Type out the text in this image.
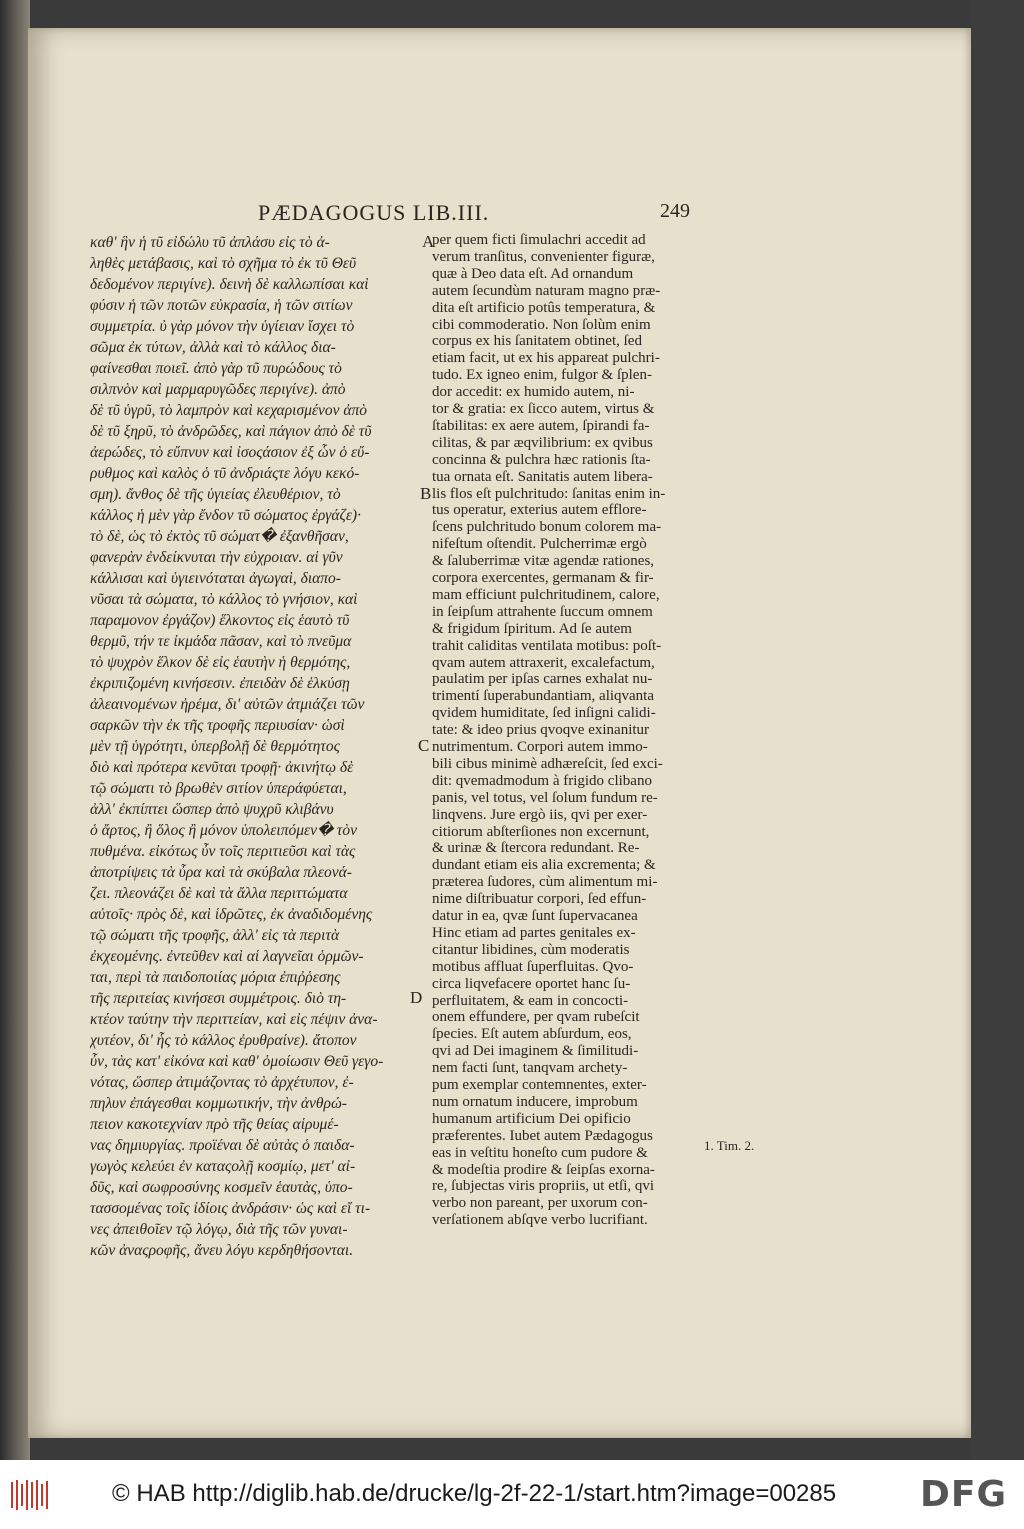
PÆDAGOGUS LIB.III.	249
καθ' ἣν ἡ τῦ εἰδώλυ τῦ ἀπλάσυ εἰς τὸ ἀ-
ληθὲς μετάβασις, καὶ τὸ σχῆμα τὸ ἐκ τῦ Θεῦ
δεδομένον περιγίνε). δεινὴ δὲ καλλωπίσαι καὶ
φύσιν ἡ τῶν ποτῶν εὐκρασία, ἡ τῶν σιτίων
συμμετρία. ὐ γὰρ μόνον τὴν ὑγίειαν ἴσχει τὸ
σῶμα ἐκ τύτων, ἀλλὰ καὶ τὸ κάλλος δια-
φαίνεσθαι ποιεῖ. ἀπὸ γὰρ τῦ πυρώδους τὸ
σιλπνὸν καὶ μαρμαρυγῶδες περιγίνε). ἀπὸ
δὲ τῦ ὑγρῦ, τὸ λαμπρὸν καὶ κεχαρισμένον ἀπὸ
δὲ τῦ ξηρῦ, τὸ ἀνδρῶδες, καὶ πάγιον ἀπὸ δὲ τῦ
ἀερώδες, τὸ εὔπνυν καὶ ἰσοςάσιον ἐξ ὧν ὁ εὔ-
ρυθμος καὶ καλὸς ὁ τῦ ἀνδριάςτε λόγυ κεκό-
σμη). ἄνθος δὲ τῆς ὑγιείας ἐλευθέριον, τὸ
κάλλος ἡ μὲν γὰρ ἔνδον τῦ σώματος ἐργάζε)·
τὸ δὲ, ὡς τὸ ἐκτὸς τῦ σώματ� ἐξανθῆσαν,
φανερὰν ἐνδείκνυται τὴν εὐχροιαν. αἱ γῦν
κάλλισαι καὶ ὑγιεινόταται ἀγωγαὶ, διαπο-
νῦσαι τὰ σώματα, τὸ κάλλος τὸ γνήσιον, καὶ
παραμονον ἐργάζον) ἕλκοντος εἰς ἑαυτὸ τῦ
θερμῦ, τήν τε ἰκμάδα πᾶσαν, καὶ τὸ πνεῦμα
τὸ ψυχρὸν ἕλκον δὲ εἰς ἑαυτὴν ἡ θερμότης,
ἐκριπιζομένη κινήσεσιν. ἐπειδὰν δὲ ἑλκύσῃ
ἀλεαινομένων ἠρέμα, δι' αὐτῶν ἀτμιάζει τῶν
σαρκῶν τὴν ἐκ τῆς τροφῆς περιυσίαν· ὡσὶ
μὲν τῇ ὑγρότητι, ὑπερβολῇ δὲ θερμότητος
διὸ καὶ πρότερα κενῦται τροφῇ· ἀκινήτῳ δὲ
τῷ σώματι τὸ βρωθὲν σιτίον ὑπεράφύεται,
ἀλλ' ἐκπίπτει ὥσπερ ἀπὸ ψυχρῦ κλιβάνυ
ὁ ἄρτος, ἢ ὅλος ἢ μόνον ὑπολειπόμεν� τὸν
πυθμένα. εἰκότως ὖν τοῖς περιτιεῦσι καὶ τὰς
ἀποτρίψεις τὰ ὖρα καὶ τὰ σκύβαλα πλεονά-
ζει. πλεονάζει δὲ καὶ τὰ ἄλλα περιττώματα
αὐτοῖς· πρὸς δὲ, καὶ ἱδρῶτες, ἐκ ἀναδιδομένης
τῷ σώματι τῆς τροφῆς, ἀλλ' εἰς τὰ περιτὰ
ἐκχεομένης. ἐντεῦθεν καὶ αἱ λαγνεῖαι ὁρμῶν-
ται, περὶ τὰ παιδοποιίας μόρια ἐπιῤῥεσης
τῆς περιτείας κινήσεσι συμμέτροις. διὸ τη-
κτέον ταύτην τὴν περιττείαν, καὶ εἰς πέψιν ἀνα-
χυτέον, δι' ἧς τὸ κάλλος ἐρυθραίνε). ἄτοπον
ὖν, τὰς κατ' εἰκόνα καὶ καθ' ὁμοίωσιν Θεῦ γεγο-
νότας, ὥσπερ ἀτιμάζοντας τὸ ἀρχέτυπον, ἐ-
πηλυν ἐπάγεσθαι κομμωτικήν, τὴν ἀνθρώ-
πειον κακοτεχνίαν πρὸ τῆς θείας αἱρυμέ-
νας δημιυργίας. προϊέναι δὲ αὐτὰς ὁ παιδα-
γωγὸς κελεύει ἐν καταςολῇ κοσμίῳ, μετ' αἰ-
δῦς, καὶ σωφροσύνης κοσμεῖν ἑαυτὰς, ὑπο-
τασσομένας τοῖς ἰδίοις ἀνδράσιν· ὡς καὶ εἴ τι-
νες ἀπειθοῖεν τῷ λόγῳ, διὰ τῆς τῶν γυναι-
κῶν ἀναςροφῆς, ἄνευ λόγυ κερδηθήσονται.
per quem ficti ſimulachri accedit ad
verum tranſitus, convenienter figuræ,
quæ à Deo data eſt. Ad ornandum
autem ſecundùm naturam magno præ-
dita eſt artificio potûs temperatura, &
cibi commoderatio. Non ſolùm enim
corpus ex his ſanitatem obtinet, ſed
etiam facit, ut ex his appareat pulchri-
tudo. Ex igneo enim, fulgor & ſplen-
dor accedit: ex humido autem, ni-
tor & gratia: ex ſicco autem, virtus &
ſtabilitas: ex aere autem, ſpirandi fa-
cilitas, & par æqvilibrium: ex qvibus
concinna & pulchra hæc rationis ſta-
tua ornata eſt. Sanitatis autem libera-
lis flos eſt pulchritudo: ſanitas enim in-
tus operatur, exterius autem efflore-
ſcens pulchritudo bonum colorem ma-
nifeſtum oſtendit. Pulcherrimæ ergò
& ſaluberrimæ vitæ agendæ rationes,
corpora exercentes, germanam & fir-
mam efficiunt pulchritudinem, calore,
in ſeipſum attrahente ſuccum omnem
& frigidum ſpiritum. Ad ſe autem
trahit caliditas ventilata motibus: poſt-
qvam autem attraxerit, excalefactum,
paulatim per ipſas carnes exhalat nu-
trimentí ſuperabundantiam, aliqvanta
qvidem humiditate, ſed inſigni calidi-
tate: & ideo prius qvoqve exinanitur
nutrimentum. Corpori autem immo-
bili cibus minimè adhæreſcit, ſed exci-
dit: qvemadmodum à frigido clibano
panis, vel totus, vel ſolum fundum re-
linqvens. Jure ergò iis, qvi per exer-
citiorum abſterſiones non excernunt,
& urinæ & ſtercora redundant. Re-
dundant etiam eis alia excrementa; &
præterea ſudores, cùm alimentum mi-
nime diſtribuatur corpori, ſed effun-
datur in ea, qvæ ſunt ſupervacanea
Hinc etiam ad partes genitales ex-
citantur libidines, cùm moderatis
motibus affluat ſuperfluitas. Qvo-
circa liqvefacere oportet hanc ſu-
perfluitatem, & eam in concocti-
onem effundere, per qvam rubeſcit
ſpecies. Eſt autem abſurdum, eos,
qvi ad Dei imaginem & ſimilitudi-
nem facti ſunt, tanqvam archety-
pum exemplar contemnentes, exter-
num ornatum inducere, improbum
humanum artificium Dei opificio
præferentes. Iubet autem Pædagogus
eas in veſtitu honeſto cum pudore &
& modeſtia prodire & ſeipſas exorna-
re, ſubjectas viris propriis, ut etſi, qvi
verbo non pareant, per uxorum con-
verſationem abſqve verbo lucrifiant.
A
B
C
D
1. Tim. 2.
© HAB http://diglib.hab.de/drucke/lg-2f-22-1/start.htm?image=00285 DFG
